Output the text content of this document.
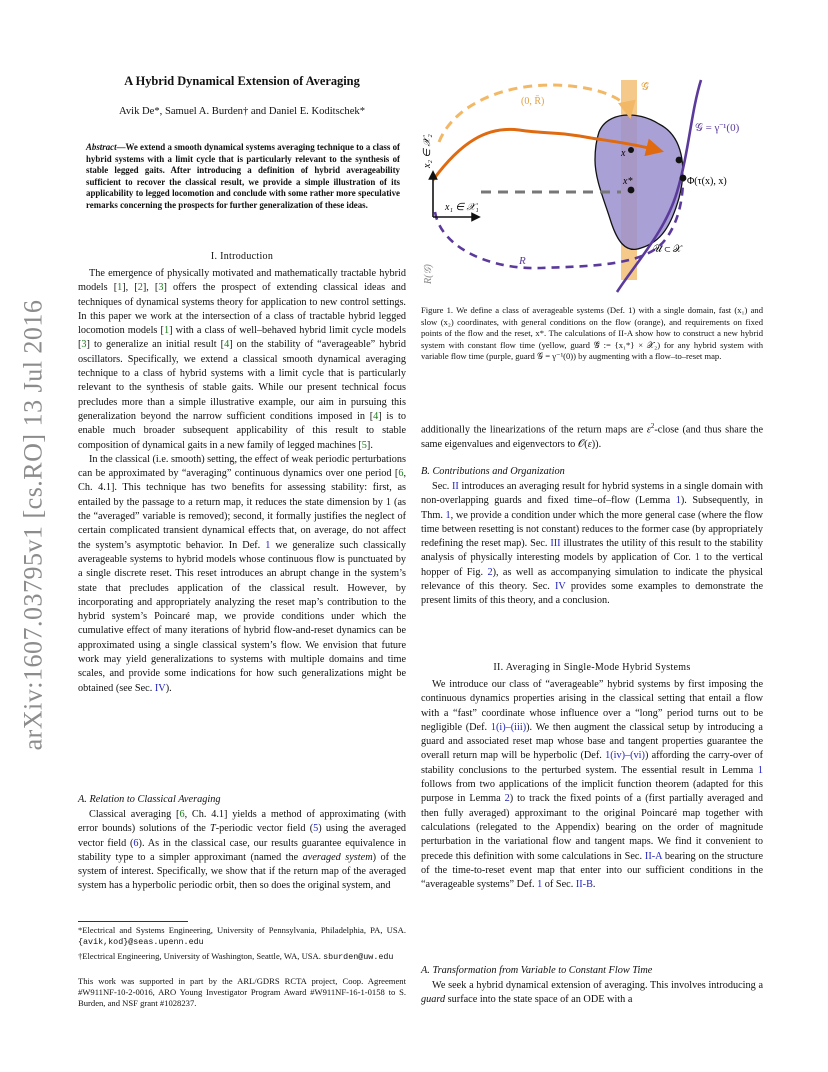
arXiv:1607.03795v1 [cs.RO] 13 Jul 2016
A Hybrid Dynamical Extension of Averaging
Avik De*, Samuel A. Burden† and Daniel E. Koditschek*
Abstract—We extend a smooth dynamical systems averaging technique to a class of hybrid systems with a limit cycle that is particularly relevant to the synthesis of stable legged gaits. After introducing a definition of hybrid averageability sufficient to recover the classical result, we provide a simple illustration of its applicability to legged locomotion and conclude with some rather more speculative remarks concerning the prospects for further generalization of these ideas.
I. Introduction

The emergence of physically motivated and mathematically tractable hybrid models [1], [2], [3] offers the prospect of extending classical ideas and techniques of dynamical systems theory for application to new control settings. In this paper we work at the intersection of a class of tractable hybrid legged locomotion models [1] with a class of well–behaved hybrid limit cycle models [3] to generalize an initial result [4] on the stability of “averageable” hybrid oscillators. Specifically, we extend a classical smooth dynamical averaging technique to a class of hybrid systems with a limit cycle that is particularly relevant to the synthesis of stable gaits. While our present technical focus precludes more than a simple illustrative example, our aim in pursuing this generalization beyond the narrow sufficient conditions imposed in [4] is to enable much broader subsequent applicability of this result to stable composition of dynamical gaits in a new family of legged machines [5].

In the classical (i.e. smooth) setting, the effect of weak periodic perturbations can be approximated by “averaging” continuous dynamics over one period [6, Ch. 4.1]. This technique has two benefits for assessing stability: first, as entailed by the passage to a return map, it reduces the state dimension by 1 (as the “averaged” variable is removed); second, it formally justifies the neglect of certain complicated transient dynamical effects that, on average, do not affect the system’s asymptotic behavior. In Def. 1 we generalize such classically averageable systems to hybrid models whose continuous flow is punctuated by a single discrete reset. This reset introduces an abrupt change in the system’s state that precludes application of the classical result. However, by incorporating and appropriately analyzing the reset map’s contribution to the hybrid system’s Poincaré map, we provide conditions under which the cumulative effect of many iterations of hybrid flow-and-reset dynamics can be approximated using a single classical system’s flow. We envision that future work may yield generalizations to systems with multiple domains and time scales, and provide some indications for how such generalizations might be obtained (see Sec. IV).

A. Relation to Classical Averaging

Classical averaging [6, Ch. 4.1] yields a method of approximating (with error bounds) solutions of the T-periodic vector field (5) using the averaged vector field (6). As in the classical case, our results guarantee equivalence in stability type to a simpler approximant (named the averaged system) of the system of interest. Specifically, we show that if the return map of the averaged system has a hyperbolic periodic orbit, then so does the original system, and

*Electrical and Systems Engineering, University of Pennsylvania, Philadelphia, PA, USA. {avik,kod}@seas.upenn.edu
†Electrical Engineering, University of Washington, Seattle, WA, USA. sburden@uw.edu
This work was supported in part by the ARL/GDRS RCTA project, Coop. Agreement #W911NF-10-2-0016, ARO Young Investigator Program Award #W911NF-16-1-0158 to S. Burden, and NSF grant #1028237.
𝒢̄
𝒢 = γ⁻¹(0)
(0, R̄)
x
x*	Φ(τ(x), x)
x₂ ∈ 𝒳₂
x₁ ∈ 𝒳₁
R
R(𝒢)
𝒰 ⊂ 𝒳
Figure 1. We define a class of averageable systems (Def. 1) with a single domain, fast (x₁) and slow (x₂) coordinates, with general conditions on the flow (orange), and requirements on fixed points of the flow and the reset, x*. The calculations of II-A show how to construct a new hybrid system with constant flow time (yellow, guard 𝒢̄ := {x₁*} × 𝒳₂) for any hybrid system with variable flow time (purple, guard 𝒢 = γ⁻¹(0)) by augmenting with a flow–to–reset map.

additionally the linearizations of the return maps are $\varepsilon^2$-close (and thus share the same eigenvalues and eigenvectors to 𝒪(ε)).

B. Contributions and Organization

Sec. II introduces an averaging result for hybrid systems in a single domain with non-overlapping guards and fixed time–of–flow (Lemma 1). Subsequently, in Thm. 1, we provide a condition under which the more general case (where the flow time between resetting is not constant) reduces to the former case (by appropriately redefining the reset map). Sec. III illustrates the utility of this result to the stability analysis of physically interesting models by application of Cor. 1 to the vertical hopper of Fig. 2), as well as accompanying simulation to indicate the physical relevance of this theory. Sec. IV provides some examples to demonstrate the present limits of this theory, and a conclusion.

II. Averaging in Single-Mode Hybrid Systems

We introduce our class of “averageable” hybrid systems by first imposing the continuous dynamics properties arising in the classical setting that entail a flow with a “fast” coordinate whose influence over a “long” period turns out to be negligible (Def. 1(i)–(iii)). We then augment the classical setup by introducing a guard and associated reset map whose base and tangent properties guarantee the overall return map will be hyperbolic (Def. 1(iv)–(vi)) affording the carry-over of stability conclusions to the perturbed system. The essential result in Lemma 1 follows from two applications of the implicit function theorem (adapted for this purpose in Lemma 2) to track the fixed points of a (first partially averaged and then fully averaged) approximant to the original Poincaré map together with calculations (relegated to the Appendix) bearing on the order of magnitude perturbation in the variational flow and tangent maps. We find it convenient to precede this definition with some calculations in Sec. II-A bearing on the structure of the time-to-reset event map that enter into our sufficient conditions in the “averageable systems” Def. 1 of Sec. II-B.

A. Transformation from Variable to Constant Flow Time

We seek a hybrid dynamical extension of averaging. This involves introducing a guard surface into the state space of an ODE with a
